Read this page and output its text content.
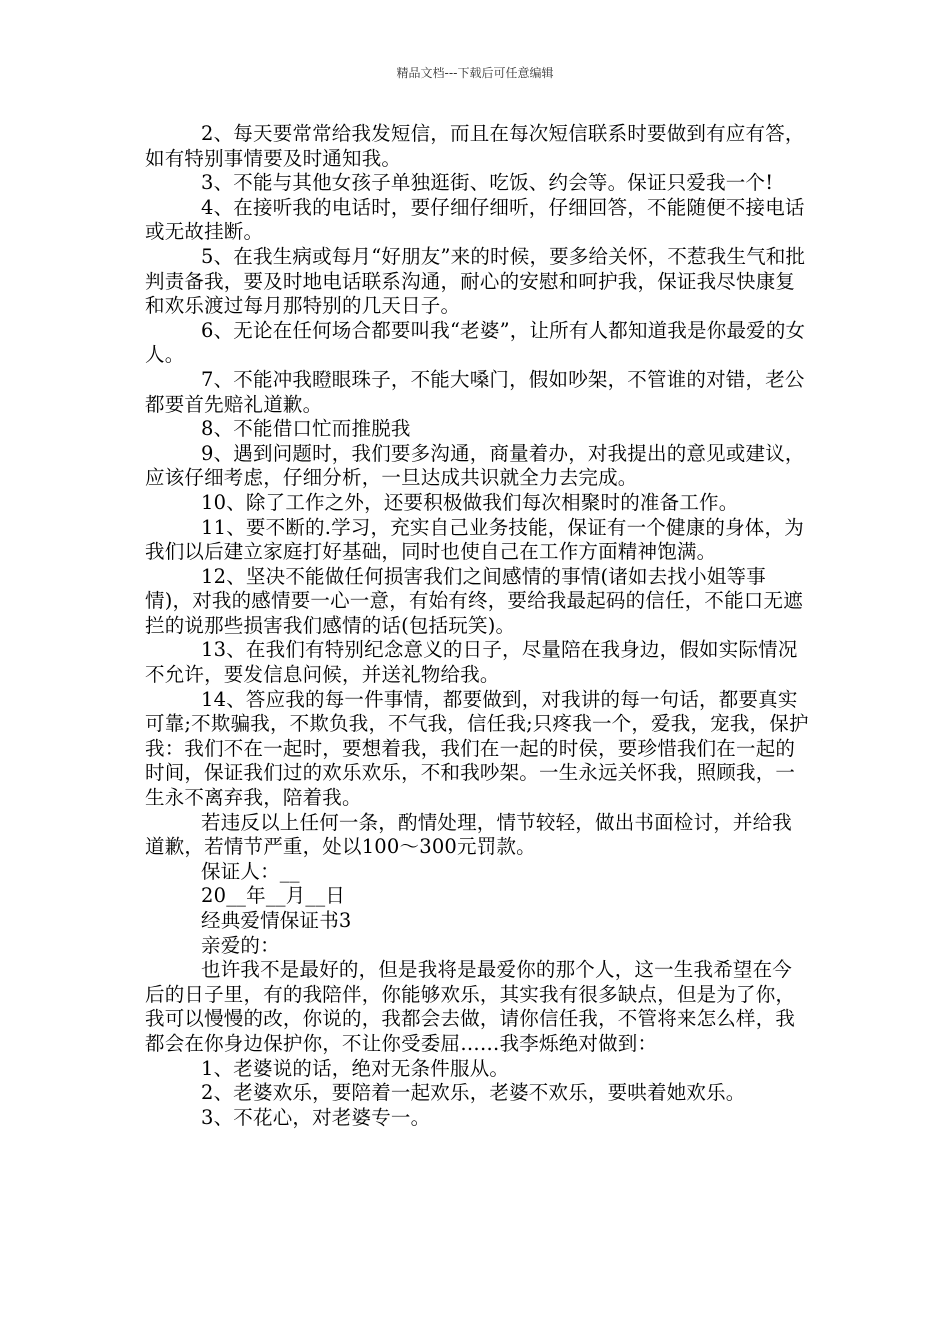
精品文档---下载后可任意编辑

2、每天要常常给我发短信，而且在每次短信联系时要做到有应有答，如有特别事情要及时通知我。

3、不能与其他女孩子单独逛街、吃饭、约会等。保证只爱我一个!

4、在接听我的电话时，要仔细仔细听，仔细回答，不能随便不接电话或无故挂断。

5、在我生病或每月“好朋友”来的时候，要多给关怀，不惹我生气和批判责备我，要及时地电话联系沟通，耐心的安慰和呵护我，保证我尽快康复和欢乐渡过每月那特别的几天日子。

6、无论在任何场合都要叫我“老婆”，让所有人都知道我是你最爱的女人。

7、不能冲我瞪眼珠子，不能大嗓门，假如吵架，不管谁的对错，老公都要首先赔礼道歉。

8、不能借口忙而推脱我

9、遇到问题时，我们要多沟通，商量着办，对我提出的意见或建议，应该仔细考虑，仔细分析，一旦达成共识就全力去完成。

10、除了工作之外，还要积极做我们每次相聚时的准备工作。

11、要不断的.学习，充实自己业务技能，保证有一个健康的身体，为我们以后建立家庭打好基础，同时也使自己在工作方面精神饱满。

12、坚决不能做任何损害我们之间感情的事情(诸如去找小姐等事情)，对我的感情要一心一意，有始有终，要给我最起码的信任，不能口无遮拦的说那些损害我们感情的话(包括玩笑)。

13、在我们有特别纪念意义的日子，尽量陪在我身边，假如实际情况不允许，要发信息问候，并送礼物给我。

14、答应我的每一件事情，都要做到，对我讲的每一句话，都要真实可靠;不欺骗我，不欺负我，不气我，信任我;只疼我一个，爱我，宠我，保护我：我们不在一起时，要想着我，我们在一起的时侯，要珍惜我们在一起的时间，保证我们过的欢乐欢乐，不和我吵架。一生永远关怀我，照顾我，一生永不离弃我，陪着我。

若违反以上任何一条，酌情处理，情节较轻，做出书面检讨，并给我道歉，若情节严重，处以100～300元罚款。

保证人：__

20__年__月__日

经典爱情保证书3

亲爱的：

也许我不是最好的，但是我将是最爱你的那个人，这一生我希望在今后的日子里，有的我陪伴，你能够欢乐，其实我有很多缺点，但是为了你，我可以慢慢的改，你说的，我都会去做，请你信任我，不管将来怎么样，我都会在你身边保护你，不让你受委屈……我李烁绝对做到：

1、老婆说的话，绝对无条件服从。

2、老婆欢乐，要陪着一起欢乐，老婆不欢乐，要哄着她欢乐。

3、不花心，对老婆专一。
